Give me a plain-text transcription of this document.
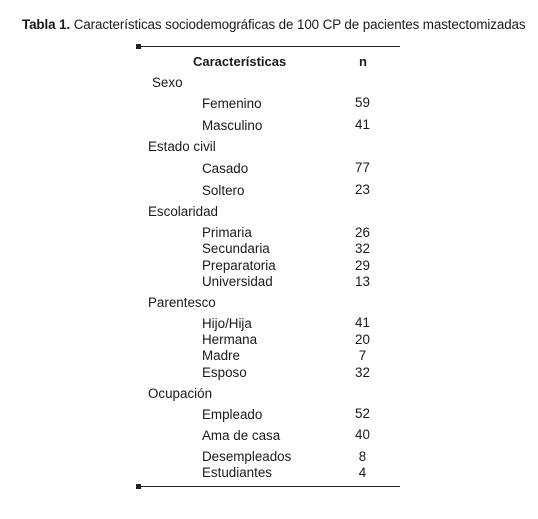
Tabla 1. Características sociodemográficas de 100 CP de pacientes mastectomizadas
Características	n
Sexo
Femenino	59
Masculino	41
Estado civil
Casado	77
Soltero	23
Escolaridad
Primaria	26
Secundaria	32
Preparatoria	29
Universidad	13
Parentesco
Hijo/Hija	41
Hermana	20
Madre	7
Esposo	32
Ocupación
Empleado	52
Ama de casa	40
Desempleados	8
Estudiantes	4
